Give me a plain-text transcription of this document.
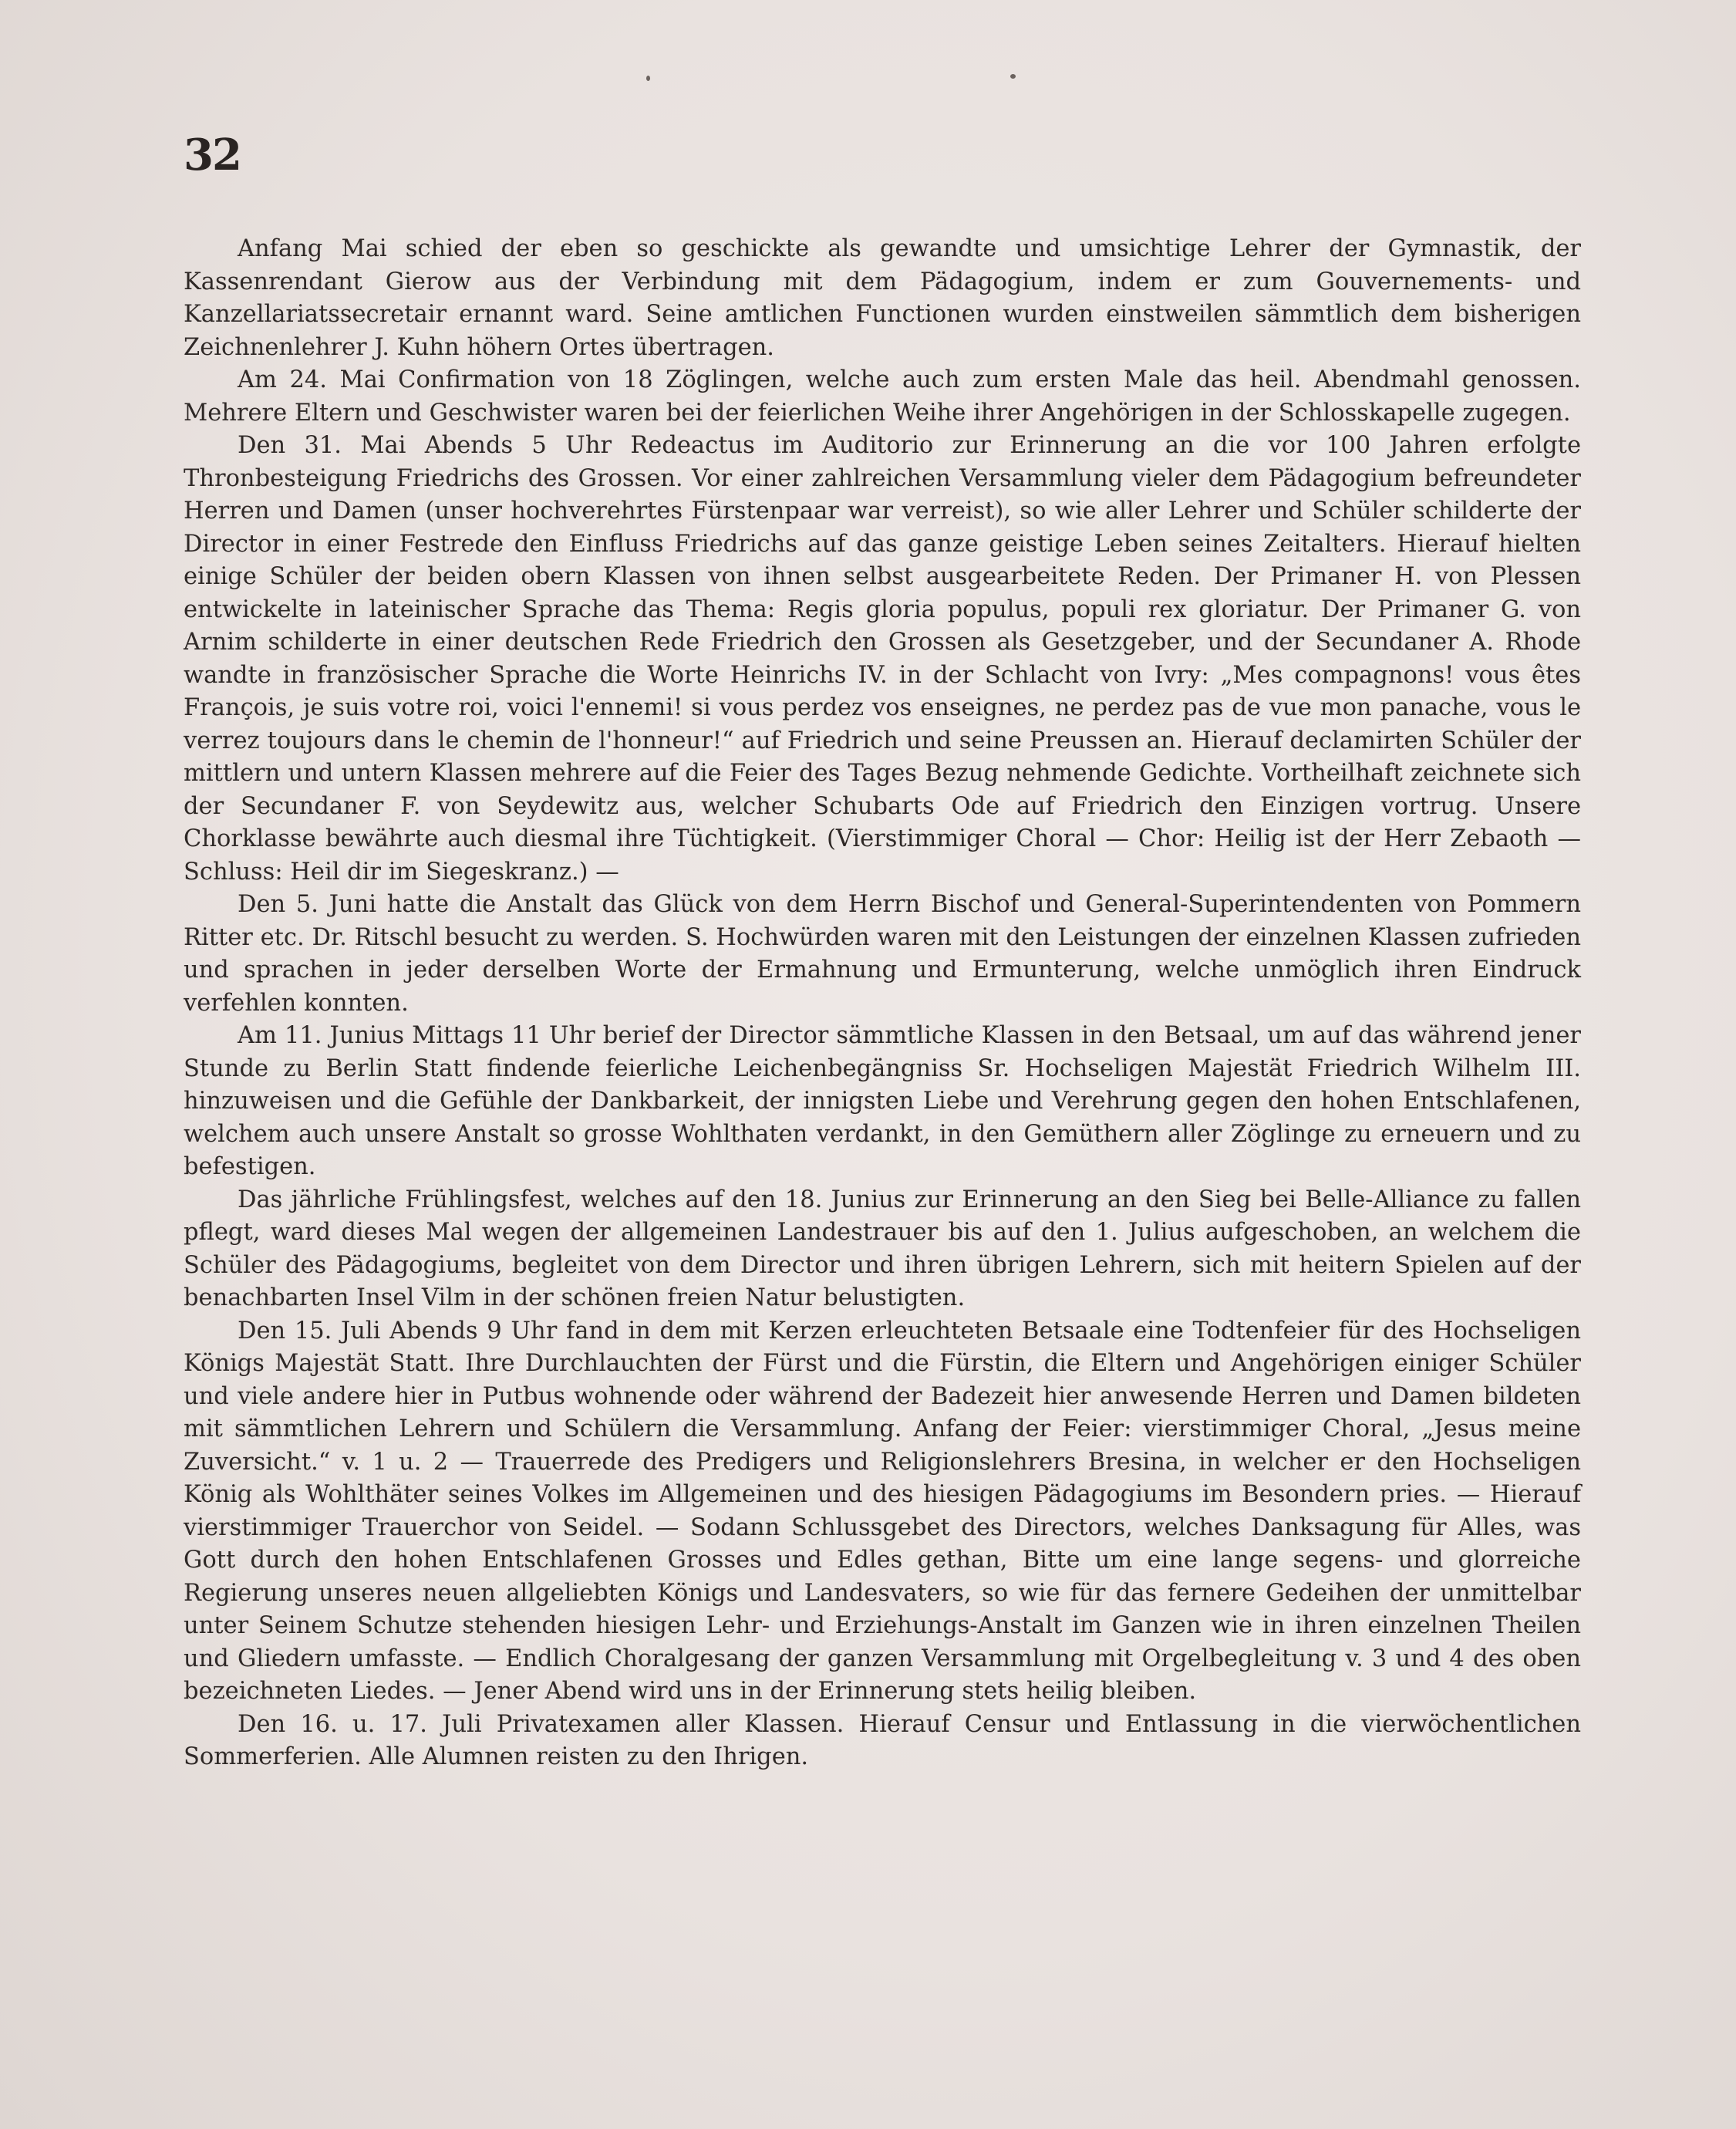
32

Anfang Mai schied der eben so geschickte als gewandte und umsichtige Lehrer der Gymnastik, der Kassenrendant Gierow aus der Verbindung mit dem Pädagogium, indem er zum Gouvernements- und Kanzellariatssecretair ernannt ward. Seine amtlichen Functionen wurden einstweilen sämmtlich dem bisherigen Zeichnenlehrer J. Kuhn höhern Ortes übertragen.

Am 24. Mai Confirmation von 18 Zöglingen, welche auch zum ersten Male das heil. Abendmahl genossen. Mehrere Eltern und Geschwister waren bei der feierlichen Weihe ihrer Angehörigen in der Schlosskapelle zugegen.

Den 31. Mai Abends 5 Uhr Redeactus im Auditorio zur Erinnerung an die vor 100 Jahren erfolgte Thronbesteigung Friedrichs des Grossen. Vor einer zahlreichen Versammlung vieler dem Pädagogium befreundeter Herren und Damen (unser hochverehrtes Fürstenpaar war verreist), so wie aller Lehrer und Schüler schilderte der Director in einer Festrede den Einfluss Friedrichs auf das ganze geistige Leben seines Zeitalters. Hierauf hielten einige Schüler der beiden obern Klassen von ihnen selbst ausgearbeitete Reden. Der Primaner H. von Plessen entwickelte in lateinischer Sprache das Thema: Regis gloria populus, populi rex gloriatur. Der Primaner G. von Arnim schilderte in einer deutschen Rede Friedrich den Grossen als Gesetzgeber, und der Secundaner A. Rhode wandte in französischer Sprache die Worte Heinrichs IV. in der Schlacht von Ivry: „Mes compagnons! vous êtes François, je suis votre roi, voici l'ennemi! si vous perdez vos enseignes, ne perdez pas de vue mon panache, vous le verrez toujours dans le chemin de l'honneur!“ auf Friedrich und seine Preussen an. Hierauf declamirten Schüler der mittlern und untern Klassen mehrere auf die Feier des Tages Bezug nehmende Gedichte. Vortheilhaft zeichnete sich der Secundaner F. von Seydewitz aus, welcher Schubarts Ode auf Friedrich den Einzigen vortrug. Unsere Chorklasse bewährte auch diesmal ihre Tüchtigkeit. (Vierstimmiger Choral — Chor: Heilig ist der Herr Zebaoth — Schluss: Heil dir im Siegeskranz.) —

Den 5. Juni hatte die Anstalt das Glück von dem Herrn Bischof und General-Superintendenten von Pommern Ritter etc. Dr. Ritschl besucht zu werden. S. Hochwürden waren mit den Leistungen der einzelnen Klassen zufrieden und sprachen in jeder derselben Worte der Ermahnung und Ermunterung, welche unmöglich ihren Eindruck verfehlen konnten.

Am 11. Junius Mittags 11 Uhr berief der Director sämmtliche Klassen in den Betsaal, um auf das während jener Stunde zu Berlin Statt findende feierliche Leichenbegängniss Sr. Hochseligen Majestät Friedrich Wilhelm III. hinzuweisen und die Gefühle der Dankbarkeit, der innigsten Liebe und Verehrung gegen den hohen Entschlafenen, welchem auch unsere Anstalt so grosse Wohlthaten verdankt, in den Gemüthern aller Zöglinge zu erneuern und zu befestigen.

Das jährliche Frühlingsfest, welches auf den 18. Junius zur Erinnerung an den Sieg bei Belle-Alliance zu fallen pflegt, ward dieses Mal wegen der allgemeinen Landestrauer bis auf den 1. Julius aufgeschoben, an welchem die Schüler des Pädagogiums, begleitet von dem Director und ihren übrigen Lehrern, sich mit heitern Spielen auf der benachbarten Insel Vilm in der schönen freien Natur belustigten.

Den 15. Juli Abends 9 Uhr fand in dem mit Kerzen erleuchteten Betsaale eine Todtenfeier für des Hochseligen Königs Majestät Statt. Ihre Durchlauchten der Fürst und die Fürstin, die Eltern und Angehörigen einiger Schüler und viele andere hier in Putbus wohnende oder während der Badezeit hier anwesende Herren und Damen bildeten mit sämmtlichen Lehrern und Schülern die Versammlung. Anfang der Feier: vierstimmiger Choral, „Jesus meine Zuversicht.“ v. 1 u. 2 — Trauerrede des Predigers und Religionslehrers Bresina, in welcher er den Hochseligen König als Wohlthäter seines Volkes im Allgemeinen und des hiesigen Pädagogiums im Besondern pries. — Hierauf vierstimmiger Trauerchor von Seidel. — Sodann Schlussgebet des Directors, welches Danksagung für Alles, was Gott durch den hohen Entschlafenen Grosses und Edles gethan, Bitte um eine lange segens- und glorreiche Regierung unseres neuen allgeliebten Königs und Landesvaters, so wie für das fernere Gedeihen der unmittelbar unter Seinem Schutze stehenden hiesigen Lehr- und Erziehungs-Anstalt im Ganzen wie in ihren einzelnen Theilen und Gliedern umfasste. — Endlich Choralgesang der ganzen Versammlung mit Orgelbegleitung v. 3 und 4 des oben bezeichneten Liedes. — Jener Abend wird uns in der Erinnerung stets heilig bleiben.

Den 16. u. 17. Juli Privatexamen aller Klassen. Hierauf Censur und Entlassung in die vierwöchentlichen Sommerferien. Alle Alumnen reisten zu den Ihrigen.
